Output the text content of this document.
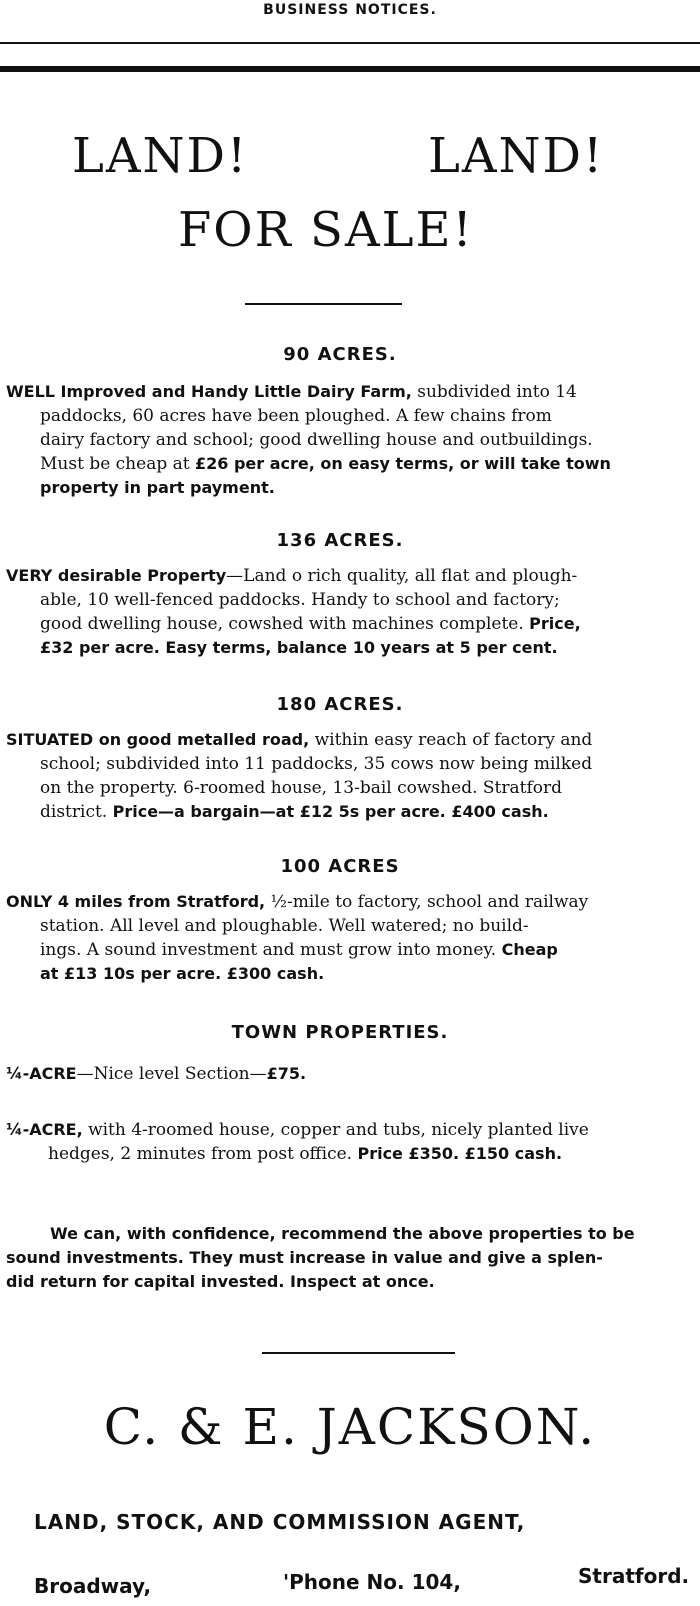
BUSINESS NOTICES.
LAND!	LAND!
FOR SALE!
90 ACRES.
WELL Improved and Handy Little Dairy Farm, subdivided into 14
paddocks, 60 acres have been ploughed. A few chains from
dairy factory and school; good dwelling house and outbuildings.
Must be cheap at £26 per acre, on easy terms, or will take town
property in part payment.
136 ACRES.
VERY desirable Property—Land o rich quality, all flat and plough-
able, 10 well-fenced paddocks. Handy to school and factory;
good dwelling house, cowshed with machines complete. Price,
£32 per acre. Easy terms, balance 10 years at 5 per cent.
180 ACRES.
SITUATED on good metalled road, within easy reach of factory and
school; subdivided into 11 paddocks, 35 cows now being milked
on the property. 6-roomed house, 13-bail cowshed. Stratford
district. Price—a bargain—at £12 5s per acre. £400 cash.
100 ACRES
ONLY 4 miles from Stratford, ½-mile to factory, school and railway
station. All level and ploughable. Well watered; no build-
ings. A sound investment and must grow into money. Cheap
at £13 10s per acre. £300 cash.
TOWN PROPERTIES.
¼-ACRE—Nice level Section—£75.
¼-ACRE, with 4-roomed house, copper and tubs, nicely planted live
hedges, 2 minutes from post office. Price £350. £150 cash.
We can, with confidence, recommend the above properties to be
sound investments. They must increase in value and give a splen-
did return for capital invested. Inspect at once.
C. & E. JACKSON.
LAND, STOCK, AND COMMISSION AGENT,
Broadway,	'Phone No. 104,	Stratford.
